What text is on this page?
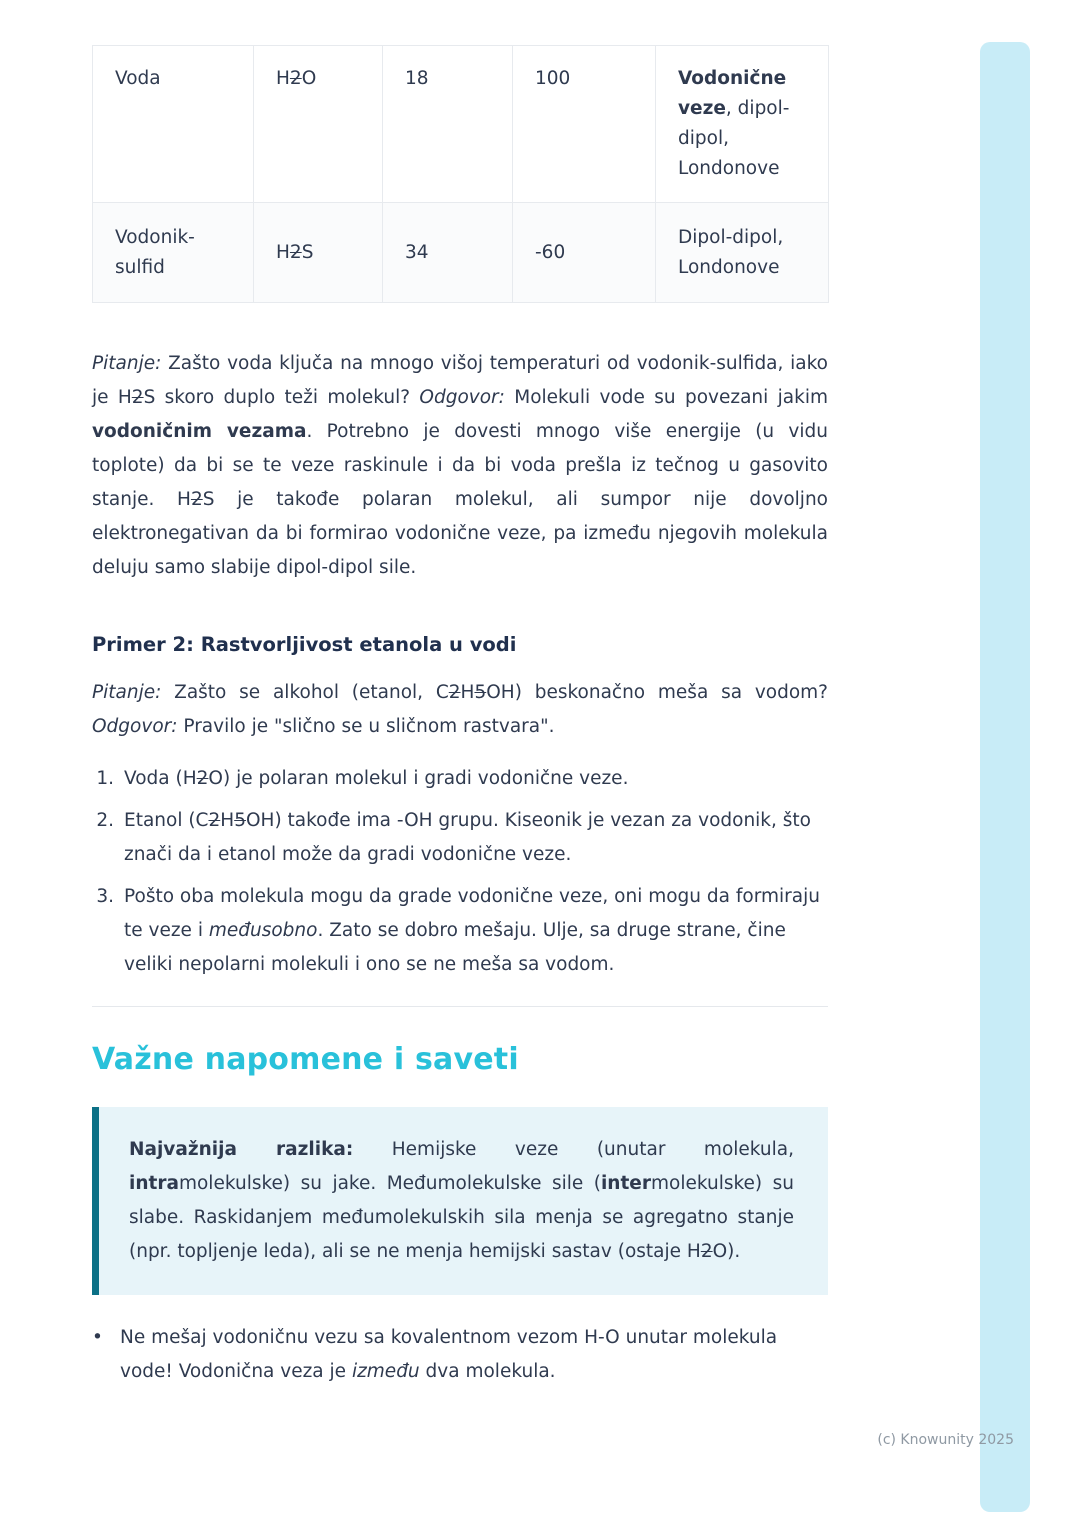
Voda	H2O	18	100	Vodonične veze, dipol-dipol, Londonove
Vodonik-sulfid	H2S	34	-60	Dipol-dipol, Londonove

Pitanje: Zašto voda ključa na mnogo višoj temperaturi od vodonik-sulfida, iako je H2S skoro duplo teži molekul? Odgovor: Molekuli vode su povezani jakim vodoničnim vezama. Potrebno je dovesti mnogo više energije (u vidu toplote) da bi se te veze raskinule i da bi voda prešla iz tečnog u gasovito stanje. H2S je takođe polaran molekul, ali sumpor nije dovoljno elektronegativan da bi formirao vodonične veze, pa između njegovih molekula deluju samo slabije dipol-dipol sile.

Primer 2: Rastvorljivost etanola u vodi

Pitanje: Zašto se alkohol (etanol, C2H5OH) beskonačno meša sa vodom? Odgovor: Pravilo je "slično se u sličnom rastvara".

1. Voda (H2O) je polaran molekul i gradi vodonične veze.
2. Etanol (C2H5OH) takođe ima -OH grupu. Kiseonik je vezan za vodonik, što znači da i etanol može da gradi vodonične veze.
3. Pošto oba molekula mogu da grade vodonične veze, oni mogu da formiraju te veze i međusobno. Zato se dobro mešaju. Ulje, sa druge strane, čine veliki nepolarni molekuli i ono se ne meša sa vodom.
Važne napomene i saveti

Najvažnija razlika: Hemijske veze (unutar molekula, intramolekulske) su jake. Međumolekulske sile (intermolekulske) su slabe. Raskidanjem međumolekulskih sila menja se agregatno stanje (npr. topljenje leda), ali se ne menja hemijski sastav (ostaje H2O).

• Ne mešaj vodoničnu vezu sa kovalentnom vezom H-O unutar molekula vode! Vodonična veza je između dva molekula.
(c) Knowunity 2025
